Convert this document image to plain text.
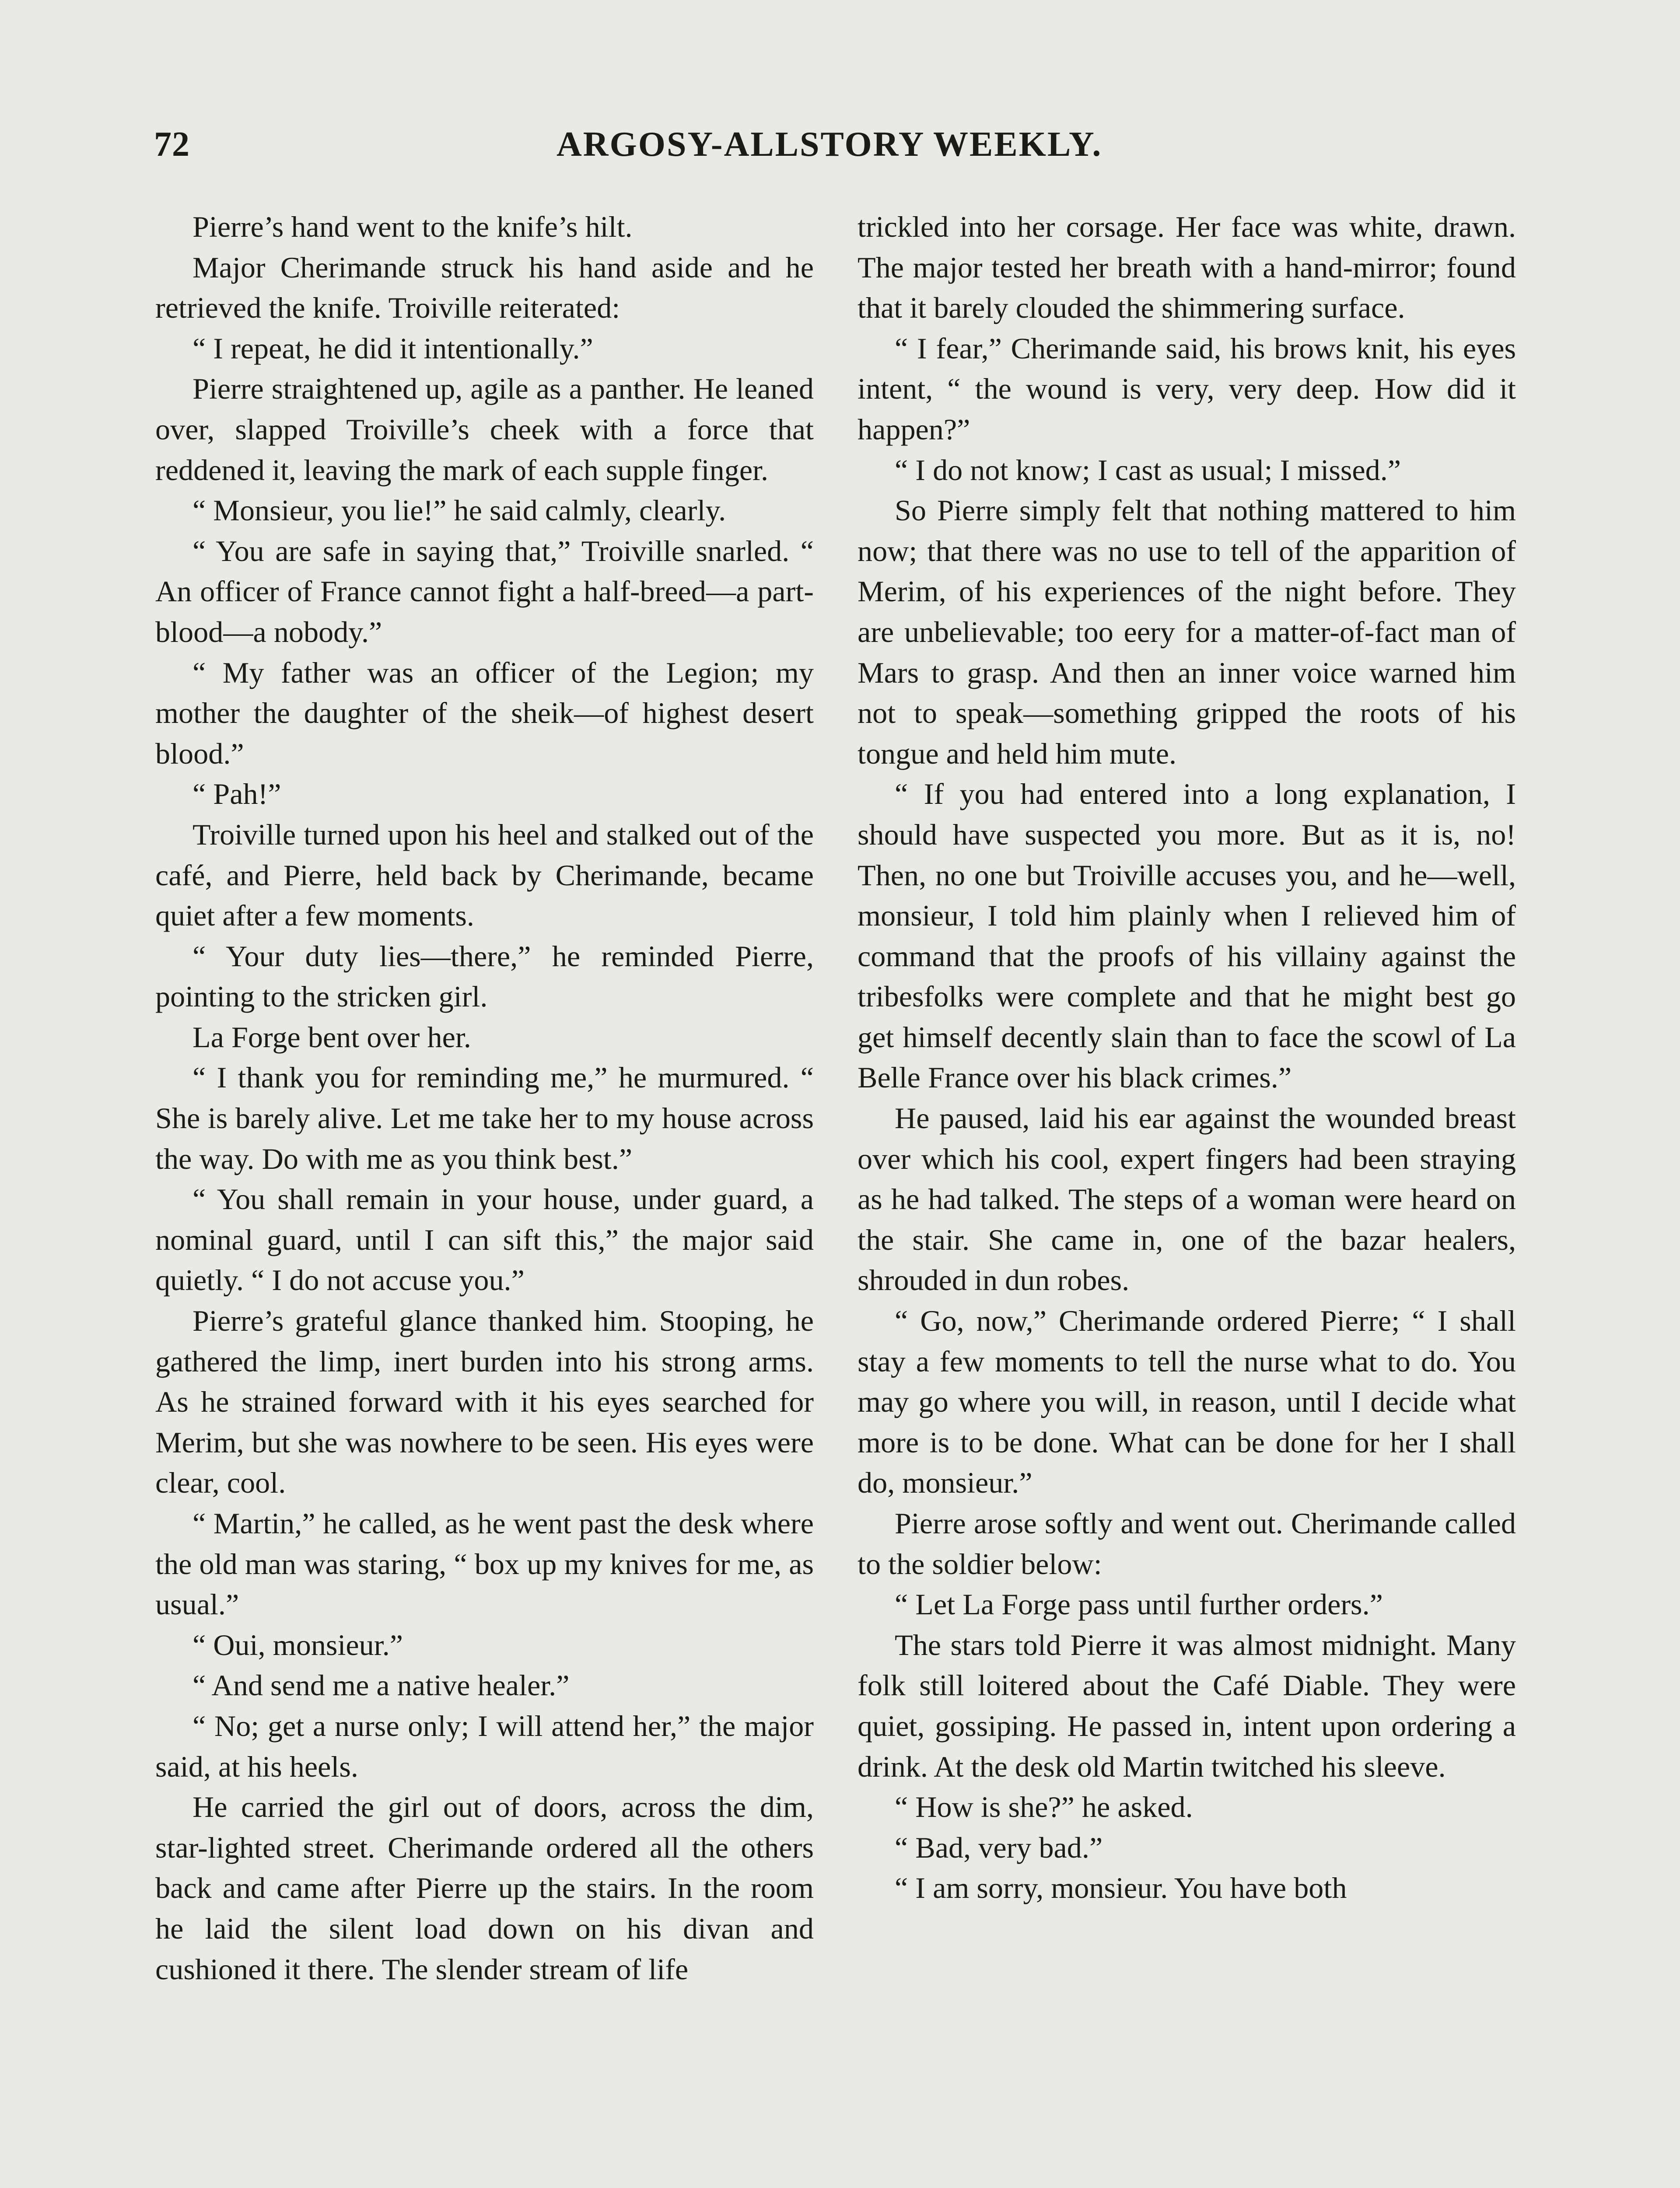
72	ARGOSY-ALLSTORY WEEKLY.

Pierre’s hand went to the knife’s hilt.

Major Cherimande struck his hand aside and he retrieved the knife. Troiville reiterated:

“ I repeat, he did it intentionally.”

Pierre straightened up, agile as a panther. He leaned over, slapped Troiville’s cheek with a force that reddened it, leaving the mark of each supple finger.

“ Monsieur, you lie!” he said calmly, clearly.

“ You are safe in saying that,” Troiville snarled. “ An officer of France cannot fight a half-breed—a part-blood—a nobody.”

“ My father was an officer of the Legion; my mother the daughter of the sheik—of highest desert blood.”

“ Pah!”

Troiville turned upon his heel and stalked out of the café, and Pierre, held back by Cherimande, became quiet after a few moments.

“ Your duty lies—there,” he reminded Pierre, pointing to the stricken girl.

La Forge bent over her.

“ I thank you for reminding me,” he murmured. “ She is barely alive. Let me take her to my house across the way. Do with me as you think best.”

“ You shall remain in your house, under guard, a nominal guard, until I can sift this,” the major said quietly. “ I do not accuse you.”

Pierre’s grateful glance thanked him. Stooping, he gathered the limp, inert burden into his strong arms. As he strained forward with it his eyes searched for Merim, but she was nowhere to be seen. His eyes were clear, cool.

“ Martin,” he called, as he went past the desk where the old man was staring, “ box up my knives for me, as usual.”

“ Oui, monsieur.”

“ And send me a native healer.”

“ No; get a nurse only; I will attend her,” the major said, at his heels.

He carried the girl out of doors, across the dim, star-lighted street. Cherimande ordered all the others back and came after Pierre up the stairs. In the room he laid the silent load down on his divan and cushioned it there. The slender stream of life

trickled into her corsage. Her face was white, drawn. The major tested her breath with a hand-mirror; found that it barely clouded the shimmering surface.

“ I fear,” Cherimande said, his brows knit, his eyes intent, “ the wound is very, very deep. How did it happen?”

“ I do not know; I cast as usual; I missed.”

So Pierre simply felt that nothing mattered to him now; that there was no use to tell of the apparition of Merim, of his experiences of the night before. They are unbelievable; too eery for a matter-of-fact man of Mars to grasp. And then an inner voice warned him not to speak—something gripped the roots of his tongue and held him mute.

“ If you had entered into a long explanation, I should have suspected you more. But as it is, no! Then, no one but Troiville accuses you, and he—well, monsieur, I told him plainly when I relieved him of command that the proofs of his villainy against the tribesfolks were complete and that he might best go get himself decently slain than to face the scowl of La Belle France over his black crimes.”

He paused, laid his ear against the wounded breast over which his cool, expert fingers had been straying as he had talked. The steps of a woman were heard on the stair. She came in, one of the bazar healers, shrouded in dun robes.

“ Go, now,” Cherimande ordered Pierre; “ I shall stay a few moments to tell the nurse what to do. You may go where you will, in reason, until I decide what more is to be done. What can be done for her I shall do, monsieur.”

Pierre arose softly and went out. Cherimande called to the soldier below:

“ Let La Forge pass until further orders.”

The stars told Pierre it was almost midnight. Many folk still loitered about the Café Diable. They were quiet, gossiping. He passed in, intent upon ordering a drink. At the desk old Martin twitched his sleeve.

“ How is she?” he asked.

“ Bad, very bad.”

“ I am sorry, monsieur. You have both
